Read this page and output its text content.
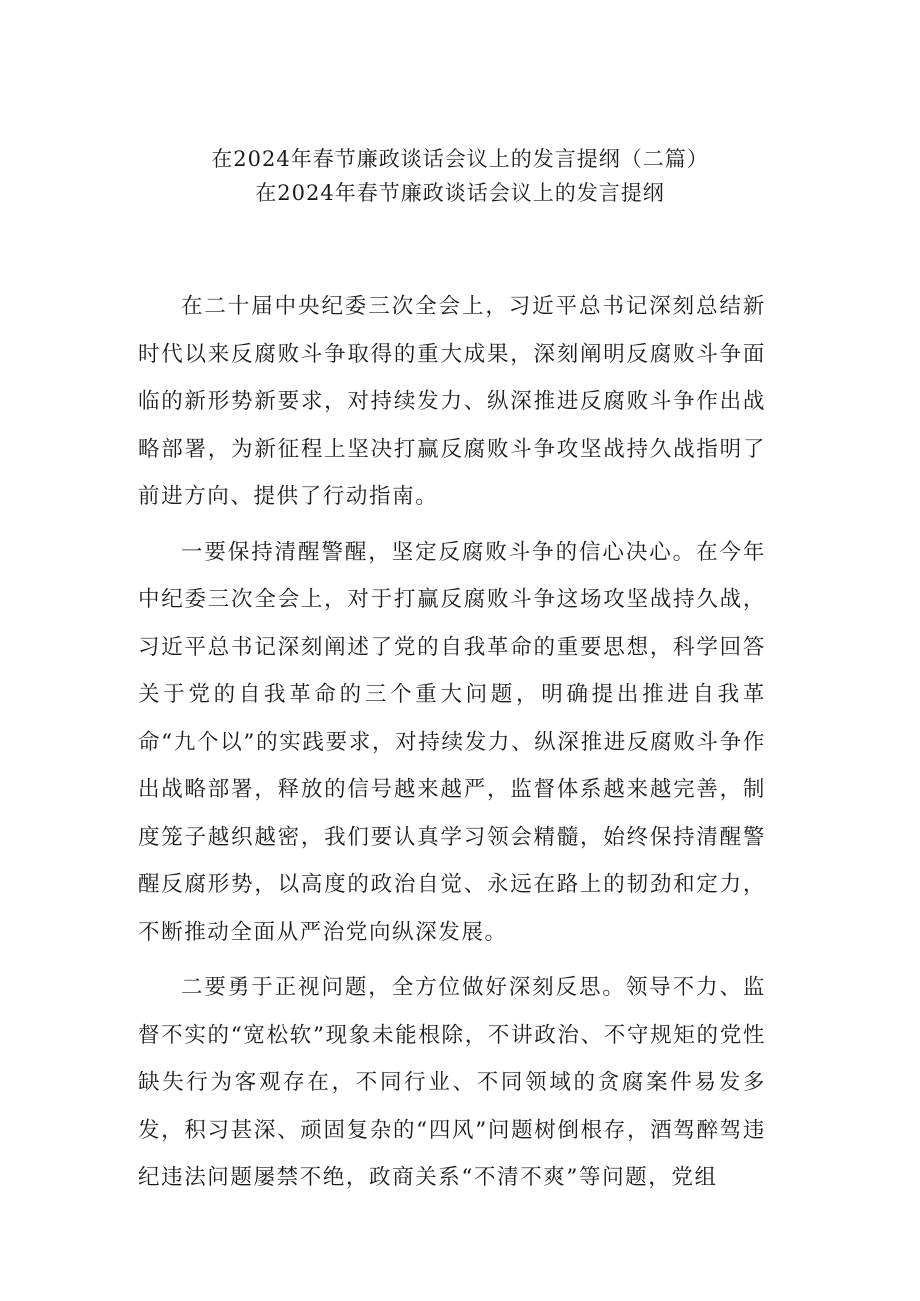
在2024年春节廉政谈话会议上的发言提纲（二篇）
在2024年春节廉政谈话会议上的发言提纲

在二十届中央纪委三次全会上，习近平总书记深刻总结新时代以来反腐败斗争取得的重大成果，深刻阐明反腐败斗争面临的新形势新要求，对持续发力、纵深推进反腐败斗争作出战略部署，为新征程上坚决打赢反腐败斗争攻坚战持久战指明了前进方向、提供了行动指南。

一要保持清醒警醒，坚定反腐败斗争的信心决心。在今年中纪委三次全会上，对于打赢反腐败斗争这场攻坚战持久战，习近平总书记深刻阐述了党的自我革命的重要思想，科学回答关于党的自我革命的三个重大问题，明确提出推进自我革命“九个以”的实践要求，对持续发力、纵深推进反腐败斗争作出战略部署，释放的信号越来越严，监督体系越来越完善，制度笼子越织越密，我们要认真学习领会精髓，始终保持清醒警醒反腐形势，以高度的政治自觉、永远在路上的韧劲和定力，不断推动全面从严治党向纵深发展。

二要勇于正视问题，全方位做好深刻反思。领导不力、监督不实的“宽松软”现象未能根除，不讲政治、不守规矩的党性缺失行为客观存在，不同行业、不同领域的贪腐案件易发多发，积习甚深、顽固复杂的“四风”问题树倒根存，酒驾醉驾违纪违法问题屡禁不绝，政商关系“不清不爽”等问题，党组
